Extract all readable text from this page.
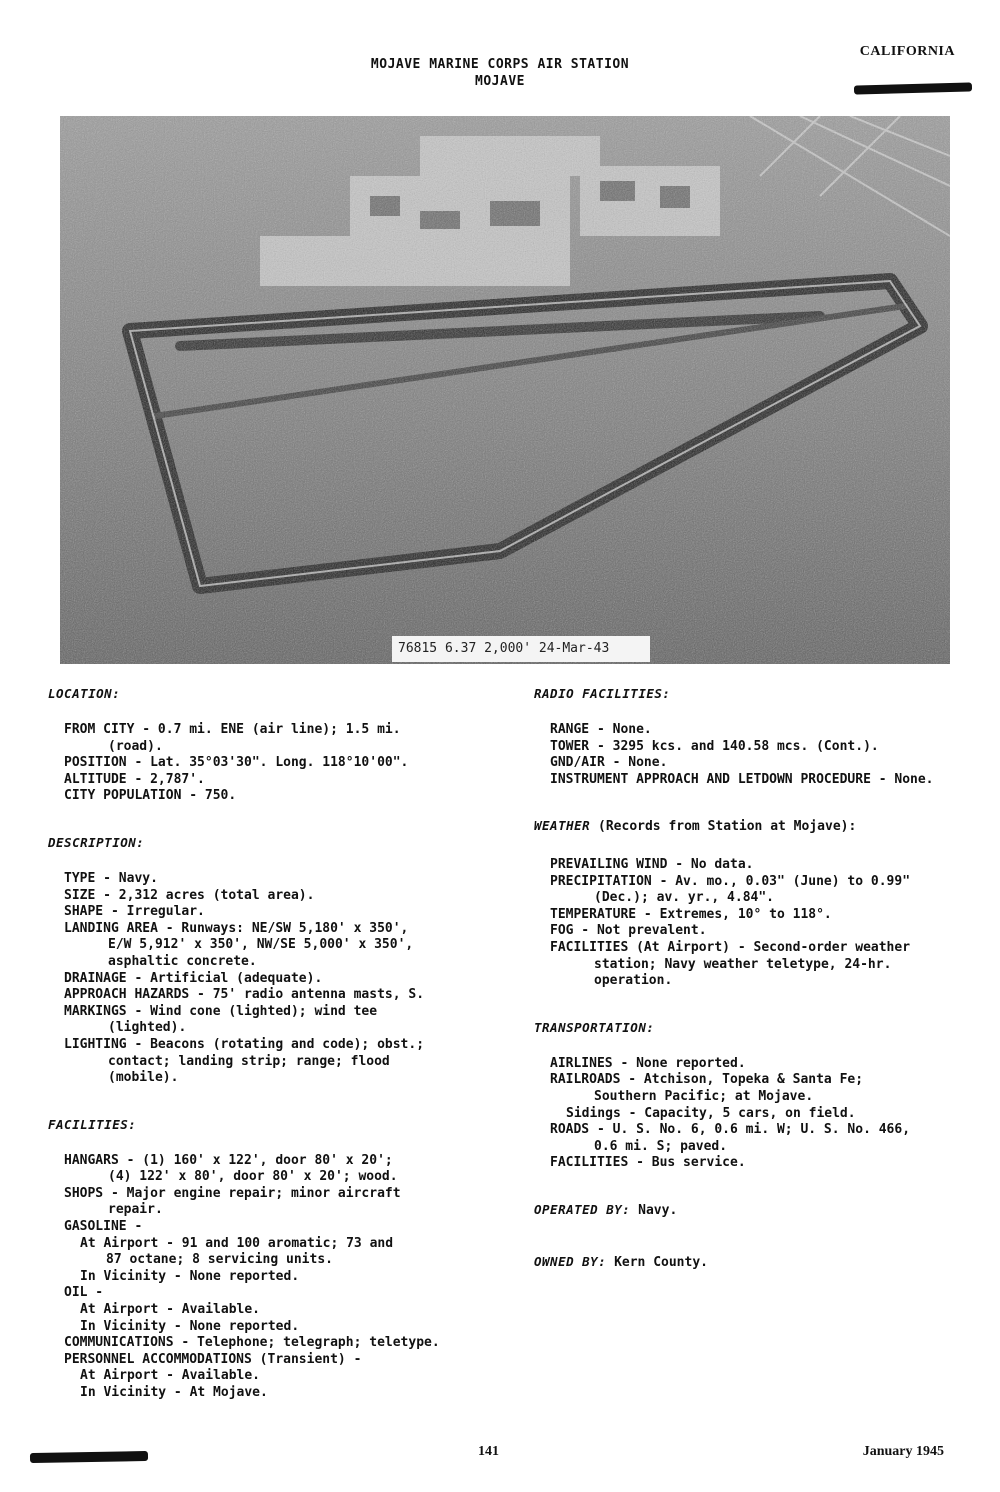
MOJAVE MARINE CORPS AIR STATION
MOJAVE
CALIFORNIA
76815 6.37 2,000' 24-Mar-43
LOCATION:
FROM CITY - 0.7 mi. ENE (air line); 1.5 mi.
(road).
POSITION - Lat. 35°03'30". Long. 118°10'00".
ALTITUDE - 2,787'.
CITY POPULATION - 750.
DESCRIPTION:
TYPE - Navy.
SIZE - 2,312 acres (total area).
SHAPE - Irregular.
LANDING AREA - Runways: NE/SW 5,180' x 350',
E/W 5,912' x 350', NW/SE 5,000' x 350',
asphaltic concrete.
DRAINAGE - Artificial (adequate).
APPROACH HAZARDS - 75' radio antenna masts, S.
MARKINGS - Wind cone (lighted); wind tee
(lighted).
LIGHTING - Beacons (rotating and code); obst.;
contact; landing strip; range; flood
(mobile).
FACILITIES:
HANGARS - (1) 160' x 122', door 80' x 20';
(4) 122' x 80', door 80' x 20'; wood.
SHOPS - Major engine repair; minor aircraft
repair.
GASOLINE -
At Airport - 91 and 100 aromatic; 73 and
87 octane; 8 servicing units.
In Vicinity - None reported.
OIL -
At Airport - Available.
In Vicinity - None reported.
COMMUNICATIONS - Telephone; telegraph; teletype.
PERSONNEL ACCOMMODATIONS (Transient) -
At Airport - Available.
In Vicinity - At Mojave.
RADIO FACILITIES:
RANGE - None.
TOWER - 3295 kcs. and 140.58 mcs. (Cont.).
GND/AIR - None.
INSTRUMENT APPROACH AND LETDOWN PROCEDURE - None.
WEATHER (Records from Station at Mojave):
PREVAILING WIND - No data.
PRECIPITATION - Av. mo., 0.03" (June) to 0.99"
(Dec.); av. yr., 4.84".
TEMPERATURE - Extremes, 10° to 118°.
FOG - Not prevalent.
FACILITIES (At Airport) - Second-order weather
station; Navy weather teletype, 24-hr.
operation.
TRANSPORTATION:
AIRLINES - None reported.
RAILROADS - Atchison, Topeka & Santa Fe;
Southern Pacific; at Mojave.
Sidings - Capacity, 5 cars, on field.
ROADS - U. S. No. 6, 0.6 mi. W; U. S. No. 466,
0.6 mi. S; paved.
FACILITIES - Bus service.
OPERATED BY: Navy.
OWNED BY: Kern County.
141	January 1945
